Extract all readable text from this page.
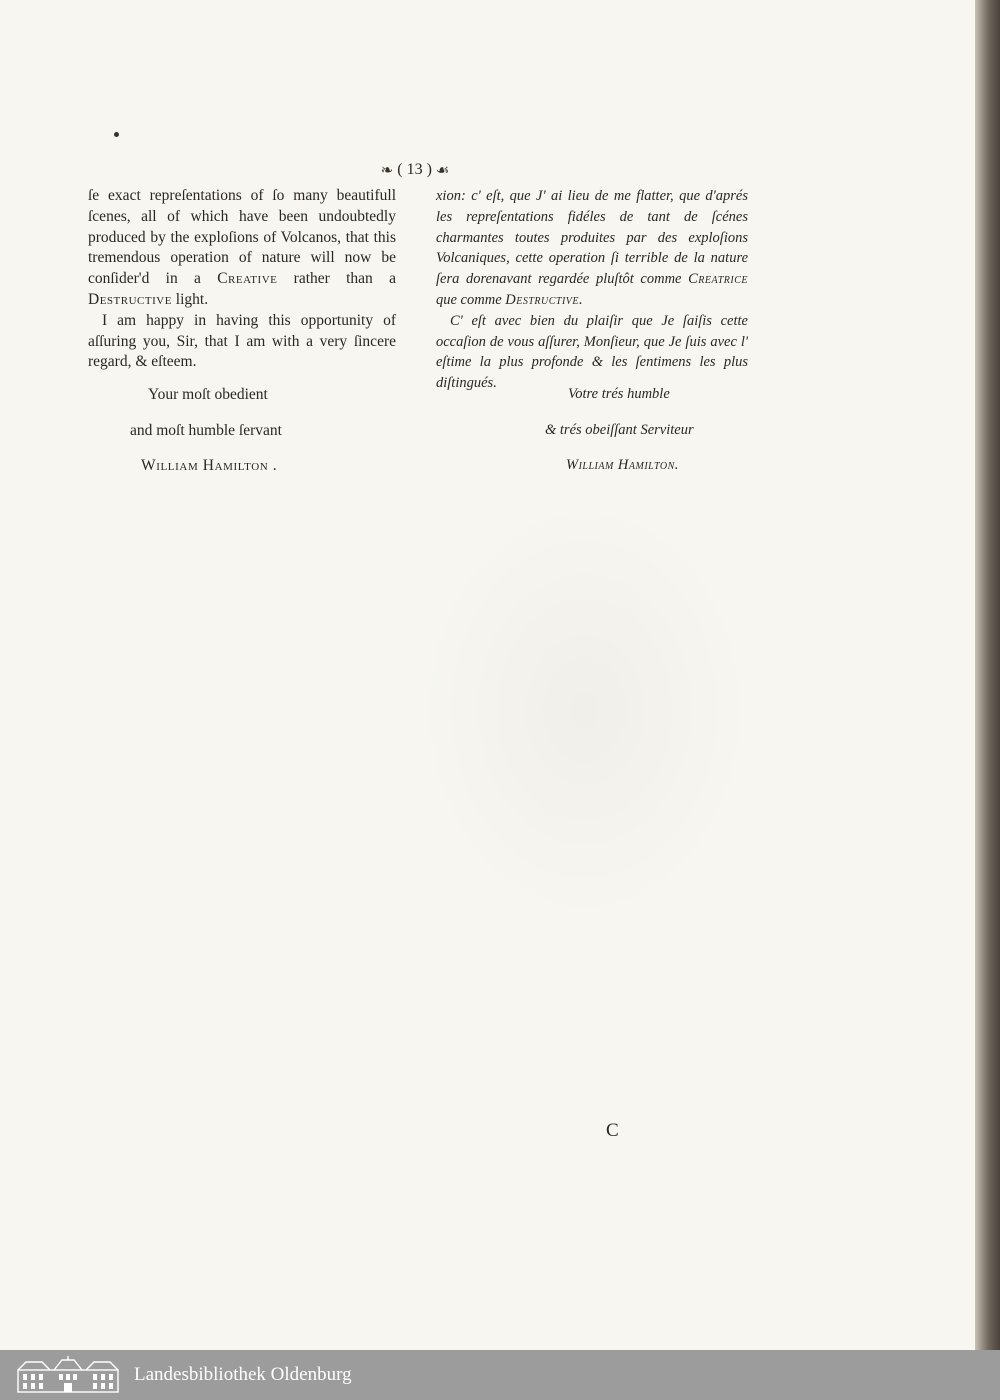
❧ ( 13 ) ☙

ſe exact repreſentations of ſo many beautifull ſcenes, all of which have been undoubtedly produced by the exploſions of Volcanos, that this tremendous operation of nature will now be conſider'd in a Creative rather than a Destructive light.

I am happy in having this opportunity of aſſuring you, Sir, that I am with a very ſincere regard, & eſteem.

xion: c' eſt, que J' ai lieu de me flatter, que d'aprés les repreſentations fidéles de tant de ſcénes charmantes toutes produites par des exploſions Volcaniques, cette operation ſi terrible de la nature ſera dorenavant regardée pluſtôt comme Creatrice que comme Destructive.

C' eſt avec bien du plaiſir que Je ſaiſis cette occaſion de vous aſſurer, Monſieur, que Je ſuis avec l' eſtime la plus profonde & les ſentimens les plus diſtingués.

Your moſt obedient
and moſt humble ſervant
William Hamilton .
Votre trés humble
& trés obeiſſant Serviteur
William Hamilton.
C
Landesbibliothek Oldenburg
